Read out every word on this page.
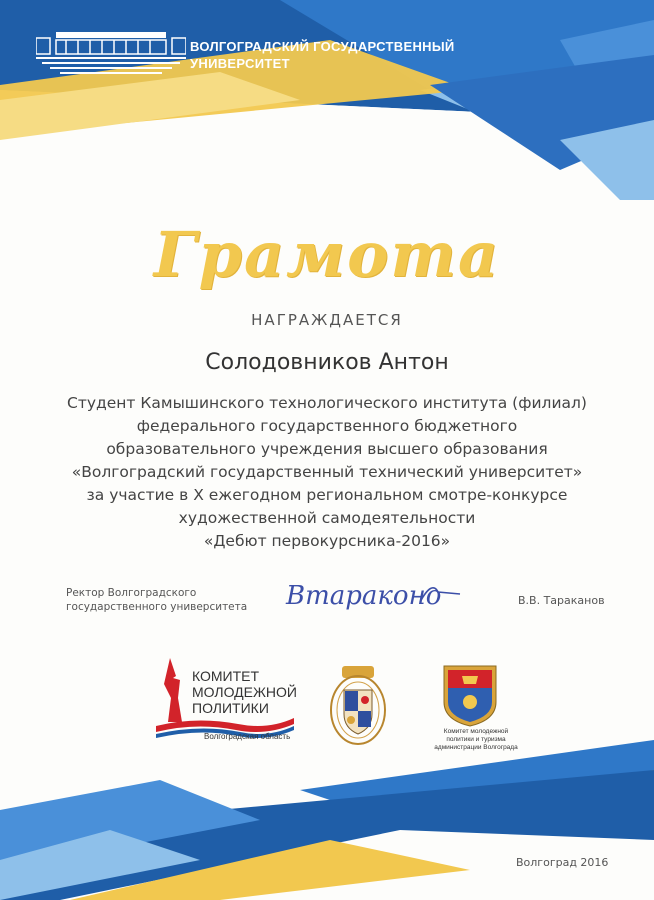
ВОЛГОГРАДСКИЙ ГОСУДАРСТВЕННЫЙ
УНИВЕРСИТЕТ
Грамота
НАГРАЖДАЕТСЯ
Солодовников Антон
Студент Камышинского технологического института (филиал)
федерального государственного бюджетного
образовательного учреждения высшего образования
«Волгоградский государственный технический университет»
за участие в X ежегодном региональном смотре-конкурсе
художественной самодеятельности
«Дебют первокурсника-2016»
Ректор Волгоградского
государственного университета Втараконо	В.В. Тараканов
КОМИТЕТ
МОЛОДЕЖНОЙ
ПОЛИТИКИ
Волгоградская область
Комитет молодежной
политики и туризма
администрации Волгограда
Волгоград 2016
